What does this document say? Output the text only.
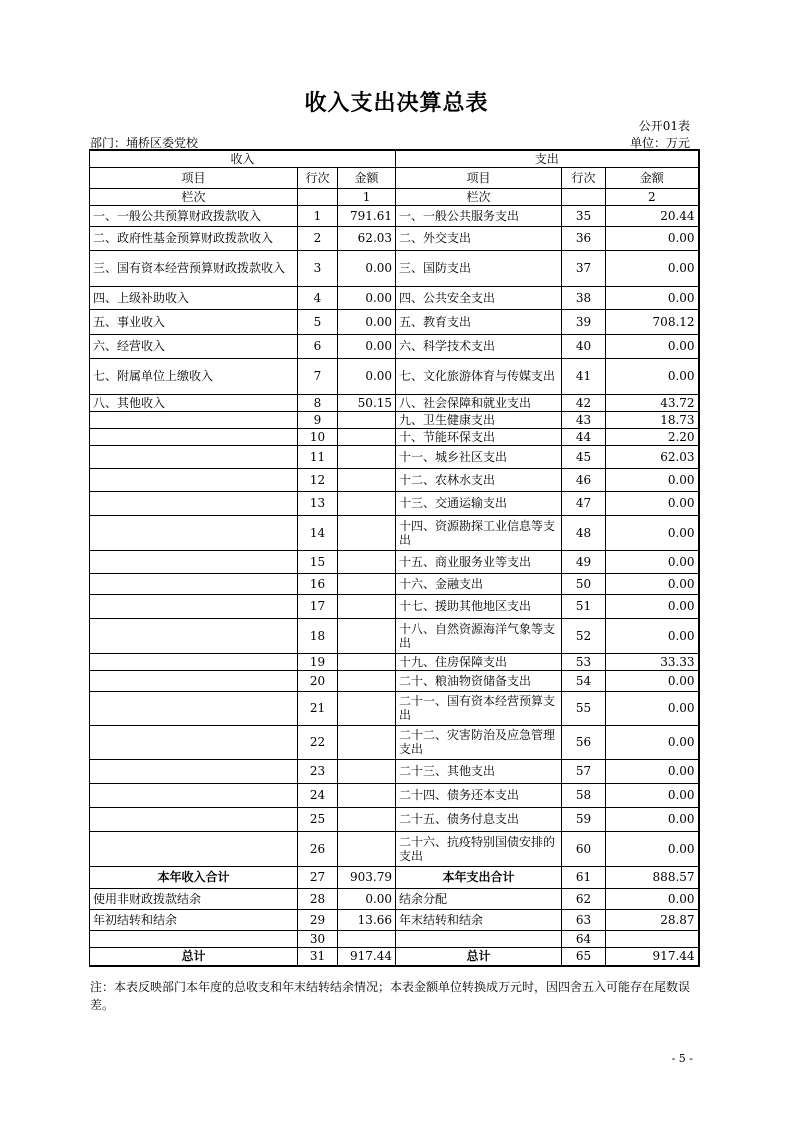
收入支出决算总表
公开01表
部门：埇桥区委党校	单位：万元
收入			支出		
项目	行次	金额	项目	行次	金额
栏次		1	栏次		2
一、一般公共预算财政拨款收入	1	791.61	一、一般公共服务支出	35	20.44
二、政府性基金预算财政拨款收入	2	62.03	二、外交支出	36	0.00
三、国有资本经营预算财政拨款收入	3	0.00	三、国防支出	37	0.00
四、上级补助收入	4	0.00	四、公共安全支出	38	0.00
五、事业收入	5	0.00	五、教育支出	39	708.12
六、经营收入	6	0.00	六、科学技术支出	40	0.00
七、附属单位上缴收入	7	0.00	七、文化旅游体育与传媒支出	41	0.00
八、其他收入	8	50.15	八、社会保障和就业支出	42	43.72
	9		九、卫生健康支出	43	18.73
	10		十、节能环保支出	44	2.20
	11		十一、城乡社区支出	45	62.03
	12		十二、农林水支出	46	0.00
	13		十三、交通运输支出	47	0.00
	14		十四、资源勘探工业信息等支出	48	0.00
	15		十五、商业服务业等支出	49	0.00
	16		十六、金融支出	50	0.00
	17		十七、援助其他地区支出	51	0.00
	18		十八、自然资源海洋气象等支出	52	0.00
	19		十九、住房保障支出	53	33.33
	20		二十、粮油物资储备支出	54	0.00
	21		二十一、国有资本经营预算支出	55	0.00
	22		二十二、灾害防治及应急管理支出	56	0.00
	23		二十三、其他支出	57	0.00
	24		二十四、债务还本支出	58	0.00
	25		二十五、债务付息支出	59	0.00
	26		二十六、抗疫特别国债安排的支出	60	0.00
本年收入合计	27	903.79	本年支出合计	61	888.57
使用非财政拨款结余	28	0.00	结余分配	62	0.00
年初结转和结余	29	13.66	年末结转和结余	63	28.87
	30			64	
总计	31	917.44	总计	65	917.44
注：本表反映部门本年度的总收支和年末结转结余情况；本表金额单位转换成万元时，因四舍五入可能存在尾数误差。
- 5 -
